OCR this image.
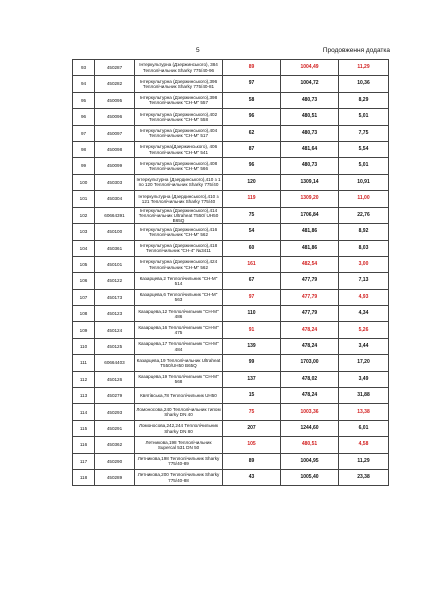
5	Продовження додатка
93	450287	Інтеркультурна (Дзержинського), 384 Теплолічильник Sharky 775/40-96	89	1004,49	11,29
94	450282	Інтеркультурна (Дзержинського),396 Теплолічильник Sharky 775/40-81	97	1004,72	10,36
95	450095	Інтеркультурна (Дзержинського),398 Теплолічильник "СН-М" 557	58	480,73	8,29
96	450096	Інтеркультурна (Дзержинського),402 Теплолічильник "СН-М" 558	96	480,51	5,01
97	450097	Інтеркультурна (Дзержинського),404 Теплолічильник "СН-М" 517	62	480,73	7,75
98	450098	Інтеркультурна(Дзержинського), 406 Теплолічильник "СН-М" 541	87	481,64	5,54
99	450099	Інтеркультурна (Дзержинського),408 Теплолічильник "СН-М" 566	96	480,73	5,01
100	450303	Інтеркультурна (Дзердинського),410 з 1 по 120 Теплолічильник Sharky 775/40	120	1309,14	10,91
101	450304	Інтеркультурна (Дзердинського),410 з 121 Теплолічильник Sharky 775/40	119	1309,20	11,00
102	60664391	Інтеркультурна (Дзержинського),414 Теплолічильник Ultraheat T550/ UH50 B65Q	75	1706,84	22,76
103	450100	Інтеркультурна (Дзержинського),416 Теплолічильник "СН-М" 562	54	481,86	8,92
104	450361	Інтеркультурна (Дзержинського),418 Теплолічильник "СН-4" №3411	60	481,86	8,03
105	450101	Інтеркультурна (Дзержинського),424 Теплолічильник "СН-М" 562	161	482,54	3,00
106	450122	Казарцева,2 Теплолічильник "СН-М" 514	67	477,79	7,13
107	450173	Казарцева,6 Теплолічильник "СН-М" 563	97	477,79	4,93
108	450123	Казарцева,12 Теплолічильник "СН-М" 486	110	477,79	4,34
109	450124	Казарцева,16 Теплолічильник "СН-М" 475	91	478,24	5,26
110	450125	Казарцева,17 Теплолічильник "СН-М" 484	139	478,24	3,44
111	60664403	Казарцева,19 Теплолічильник Ultraheat T550/UH50 B65Q	99	1703,00	17,20
112	450126	Казарцева,19 Теплолічильник "СН-М" 568	137	478,02	3,49
113	450279	Квятівська,78 Теплолічильник UH50	15	478,24	31,88
114	450293	Ломоносова,240 Теплолічильник типом Sharky DN 40	75	1003,36	13,38
115	450291	Ломоносова,242,244 Теплолічильник Sharky DN 80	207	1244,60	6,01
116	450362	Летникова,198 Теплолічильник Supercal 531 DN 50	105	480,51	4,58
117	450290	Летникова,198 Теплолічильник Sharky 775/40-89	89	1004,95	11,29
118	450289	Летникова,200 Теплолічильник Sharky 775/40-88	43	1005,40	23,38
